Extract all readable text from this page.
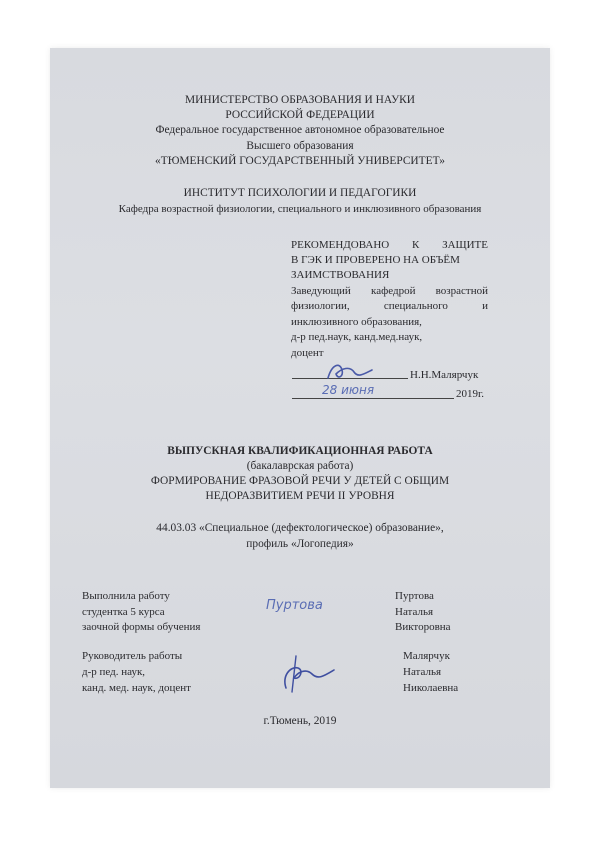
МИНИСТЕРСТВО ОБРАЗОВАНИЯ И НАУКИ
РОССИЙСКОЙ ФЕДЕРАЦИИ
Федеральное государственное автономное образовательное
Высшего образования
«ТЮМЕНСКИЙ ГОСУДАРСТВЕННЫЙ УНИВЕРСИТЕТ»
ИНСТИТУТ ПСИХОЛОГИИ И ПЕДАГОГИКИ
Кафедра возрастной физиологии, специального и инклюзивного образования
РЕКОМЕНДОВАНО К ЗАЩИТЕ
В ГЭК И ПРОВЕРЕНО НА ОБЪЁМ
ЗАИМСТВОВАНИЯ
Заведующий кафедрой возрастной
физиологии, специального и
инклюзивного образования,
д-р пед.наук, канд.мед.наук,
доцент
Н.Н.Малярчук
28 июня	2019г.
ВЫПУСКНАЯ КВАЛИФИКАЦИОННАЯ РАБОТА
(бакалаврская работа)
ФОРМИРОВАНИЕ ФРАЗОВОЙ РЕЧИ У ДЕТЕЙ С ОБЩИМ
НЕДОРАЗВИТИЕМ РЕЧИ II УРОВНЯ
44.03.03 «Специальное (дефектологическое) образование»,
профиль «Логопедия»
Выполнила работу
студентка 5 курса
заочной формы обучения
Пуртова
Пуртова
Наталья
Викторовна
Руководитель работы
д-р пед. наук,
канд. мед. наук, доцент
Малярчук
Наталья
Николаевна
г.Тюмень, 2019
